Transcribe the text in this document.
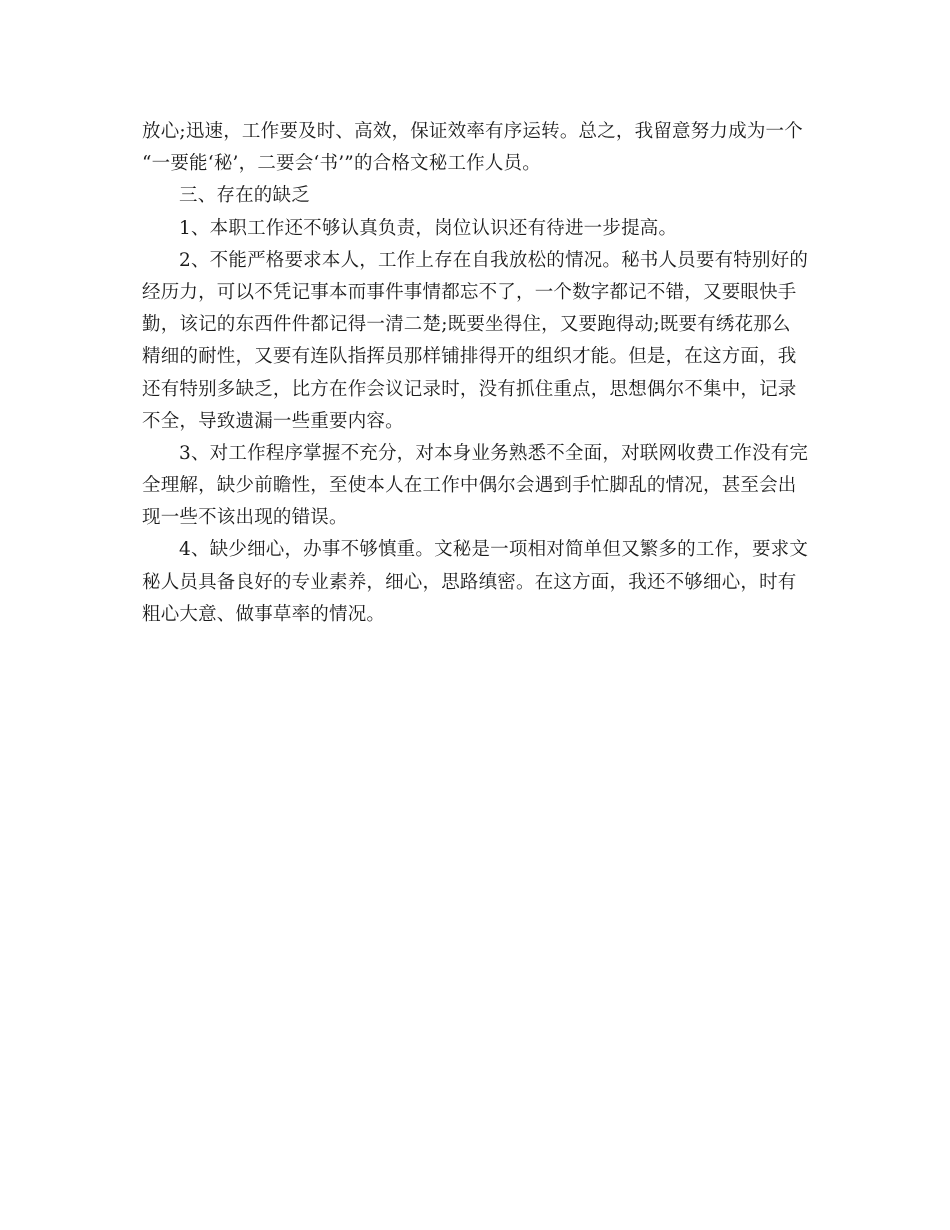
放心;迅速，工作要及时、高效，保证效率有序运转。总之，我留意努力成为一个
“一要能‘秘’，二要会‘书’”的合格文秘工作人员。
三、存在的缺乏
1、本职工作还不够认真负责，岗位认识还有待进一步提高。
2、不能严格要求本人，工作上存在自我放松的情况。秘书人员要有特别好的
经历力，可以不凭记事本而事件事情都忘不了，一个数字都记不错，又要眼快手
勤，该记的东西件件都记得一清二楚;既要坐得住，又要跑得动;既要有绣花那么
精细的耐性，又要有连队指挥员那样铺排得开的组织才能。但是，在这方面，我
还有特别多缺乏，比方在作会议记录时，没有抓住重点，思想偶尔不集中，记录
不全，导致遗漏一些重要内容。
3、对工作程序掌握不充分，对本身业务熟悉不全面，对联网收费工作没有完
全理解，缺少前瞻性，至使本人在工作中偶尔会遇到手忙脚乱的情况，甚至会出
现一些不该出现的错误。
4、缺少细心，办事不够慎重。文秘是一项相对简单但又繁多的工作，要求文
秘人员具备良好的专业素养，细心，思路缜密。在这方面，我还不够细心，时有
粗心大意、做事草率的情况。
